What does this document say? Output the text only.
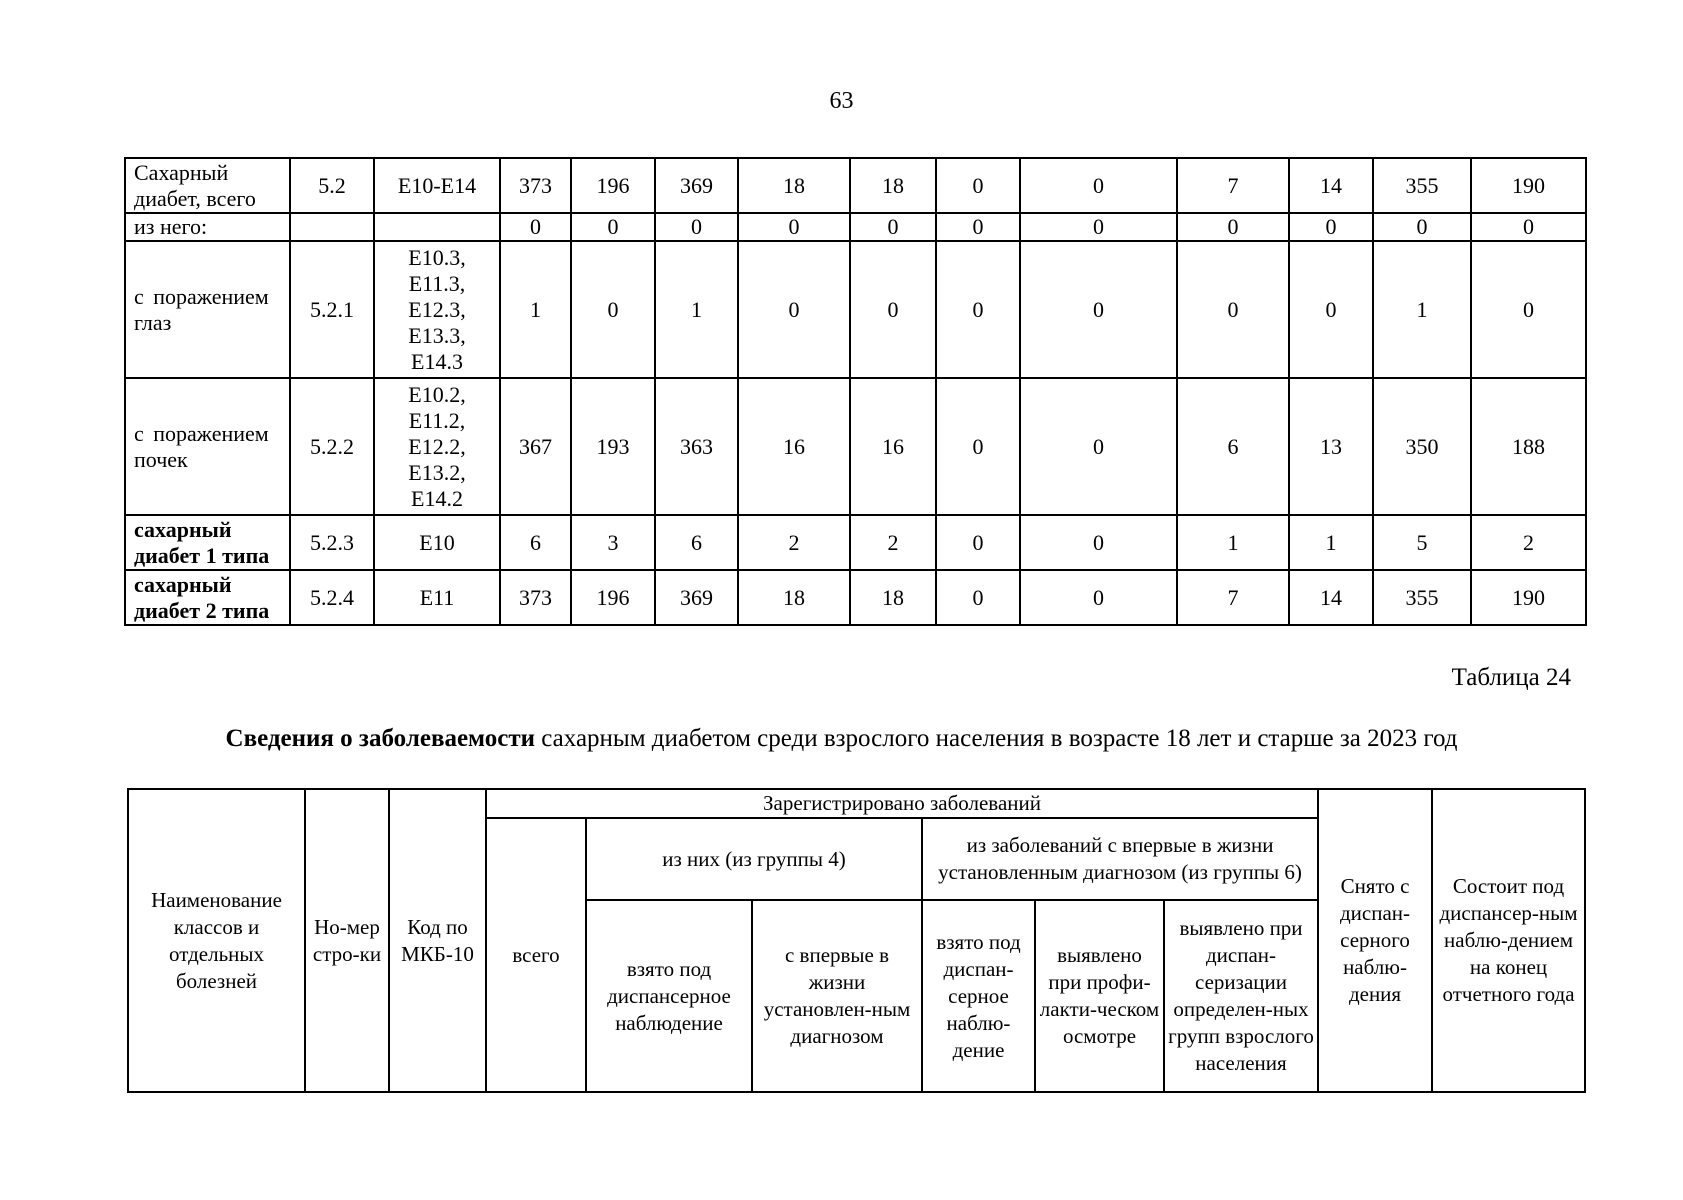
63
Сахарный диабет, всего	5.2	E10-E14	373	196	369	18	18	0	0	7	14	355	190
из него:			0	0	0	0	0	0	0	0	0	0	0
с поражением глаз	5.2.1	E10.3,
E11.3,
E12.3,
E13.3,
E14.3	1	0	1	0	0	0	0	0	0	1	0
с поражением почек	5.2.2	E10.2,
E11.2,
E12.2,
E13.2,
E14.2	367	193	363	16	16	0	0	6	13	350	188
сахарный диабет 1 типа	5.2.3	E10	6	3	6	2	2	0	0	1	1	5	2
сахарный диабет 2 типа	5.2.4	E11	373	196	369	18	18	0	0	7	14	355	190
Таблица 24
Сведения о заболеваемости сахарным диабетом среди взрослого населения в возрасте 18 лет и старше за 2023 год
Наименование классов и отдельных болезней	Но-мер стро-ки	Код по МКБ-10	Зарегистрировано заболеваний						Снято с диспан-серного наблю-дения	Состоит под диспансер-ным наблю-дением на конец отчетного года
			всего	из них (из группы 4)		из заболеваний с впервые в жизни установленным диагнозом (из группы 6)				
				взято под диспансерное наблюдение	с впервые в жизни установлен-ным диагнозом	взято под диспан-серное наблю-дение	выявлено при профи-лакти-ческом осмотре	выявлено при диспан-серизации определен-ных групп взрослого населения		
